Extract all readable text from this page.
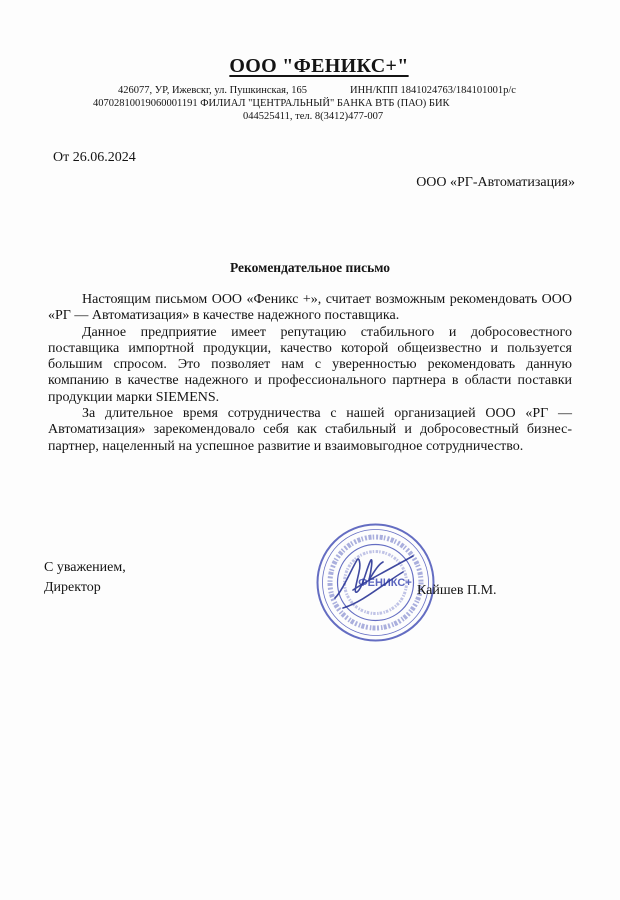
ООО "ФЕНИКС+"
426077, УР, Ижевскг, ул. Пушкинская, 165	ИНН/КПП 1841024763/184101001р/с
40702810019060001191 ФИЛИАЛ "ЦЕНТРАЛЬНЫЙ" БАНКА ВТБ (ПАО) БИК
044525411, тел. 8(3412)477-007
От 26.06.2024
ООО «РГ-Автоматизация»
Рекомендательное письмо

Настоящим письмом ООО «Феникс +», считает возможным рекомендовать ООО «РГ — Автоматизация» в качестве надежного поставщика.

Данное предприятие имеет репутацию стабильного и добросовестного поставщика импортной продукции, качество которой общеизвестно и пользуется большим спросом. Это позволяет нам с уверенностью рекомендовать данную компанию в качестве надежного и профессионального партнера в области поставки продукции марки SIEMENS.

За длительное время сотрудничества с нашей организацией ООО «РГ — Автоматизация» зарекомендовало себя как стабильный и добросовестный бизнес-партнер, нацеленный на успешное развитие и взаимовыгодное сотрудничество.

С уважением,
Директор	ФЕНИКС+ Кайшев П.М.
